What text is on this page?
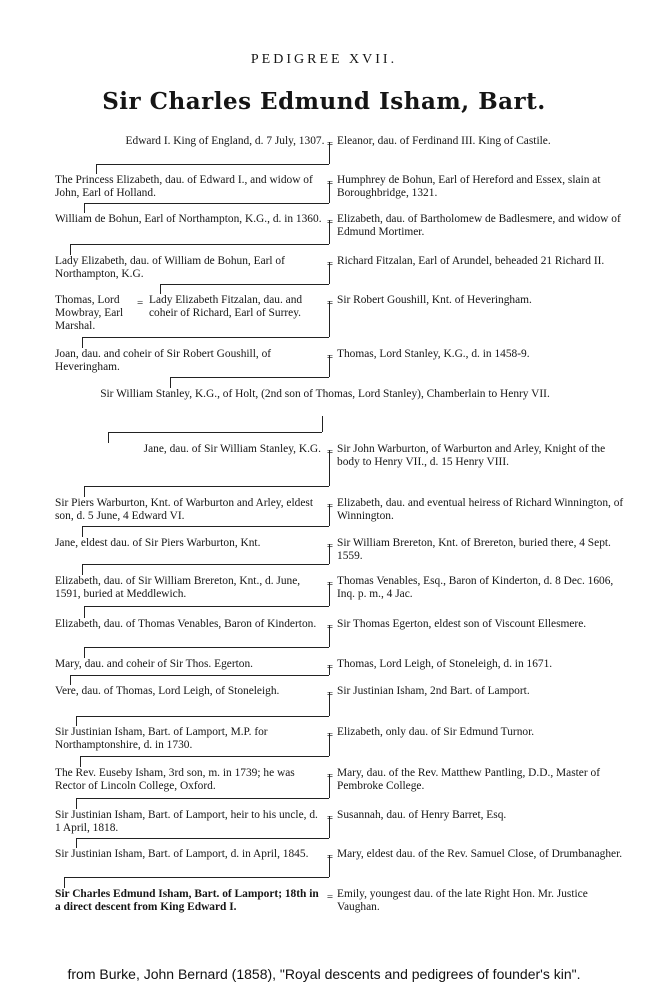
PEDIGREE XVII.
Sir Charles Edmund Isham, Bart.
Edward I. King of England, d. 7 July, 1307. = Eleanor, dau. of Ferdinand III. King of Castile.
The Princess Elizabeth, dau. of Edward I., and widow of John, Earl of Holland.
= Humphrey de Bohun, Earl of Hereford and Essex, slain at Boroughbridge, 1321.
William de Bohun, Earl of Northampton, K.G., d. in 1360. = Elizabeth, dau. of Bartholomew de Badlesmere, and widow of Edmund Mortimer.
Lady Elizabeth, dau. of William de Bohun, Earl of Northampton, K.G.
= Richard Fitzalan, Earl of Arundel, beheaded 21 Richard II.
Thomas, Lord Mowbray, Earl Marshal.
= Lady Elizabeth Fitzalan, dau. and coheir of Richard, Earl of Surrey.
= Sir Robert Goushill, Knt. of Heveringham.
Joan, dau. and coheir of Sir Robert Goushill, of Heveringham.
= Thomas, Lord Stanley, K.G., d. in 1458-9.
Sir William Stanley, K.G., of Holt, (2nd son of Thomas, Lord Stanley), Chamberlain to Henry VII.
Jane, dau. of Sir William Stanley, K.G. = Sir John Warburton, of Warburton and Arley, Knight of the body to Henry VII., d. 15 Henry VIII.
Sir Piers Warburton, Knt. of Warburton and Arley, eldest son, d. 5 June, 4 Edward VI.
= Elizabeth, dau. and eventual heiress of Richard Winnington, of Winnington.
Jane, eldest dau. of Sir Piers Warburton, Knt.	= Sir William Brereton, Knt. of Brereton, buried there, 4 Sept. 1559.
Elizabeth, dau. of Sir William Brereton, Knt., d. June, 1591, buried at Meddlewich.
= Thomas Venables, Esq., Baron of Kinderton, d. 8 Dec. 1606, Inq. p. m., 4 Jac.
Elizabeth, dau. of Thomas Venables, Baron of Kinderton. = Sir Thomas Egerton, eldest son of Viscount Ellesmere.
Mary, dau. and coheir of Sir Thos. Egerton.	= Thomas, Lord Leigh, of Stoneleigh, d. in 1671.
Vere, dau. of Thomas, Lord Leigh, of Stoneleigh.	= Sir Justinian Isham, 2nd Bart. of Lamport.
Sir Justinian Isham, Bart. of Lamport, M.P. for Northamptonshire, d. in 1730.
= Elizabeth, only dau. of Sir Edmund Turnor.
The Rev. Euseby Isham, 3rd son, m. in 1739; he was Rector of Lincoln College, Oxford.
= Mary, dau. of the Rev. Matthew Pantling, D.D., Master of Pembroke College.
Sir Justinian Isham, Bart. of Lamport, heir to his uncle, d. 1 April, 1818.
= Susannah, dau. of Henry Barret, Esq.
Sir Justinian Isham, Bart. of Lamport, d. in April, 1845.	= Mary, eldest dau. of the Rev. Samuel Close, of Drumbanagher.
Sir Charles Edmund Isham, Bart. of Lamport; 18th in a direct descent from King Edward I.
= Emily, youngest dau. of the late Right Hon. Mr. Justice Vaughan.
from Burke, John Bernard (1858), "Royal descents and pedigrees of founder's kin".
